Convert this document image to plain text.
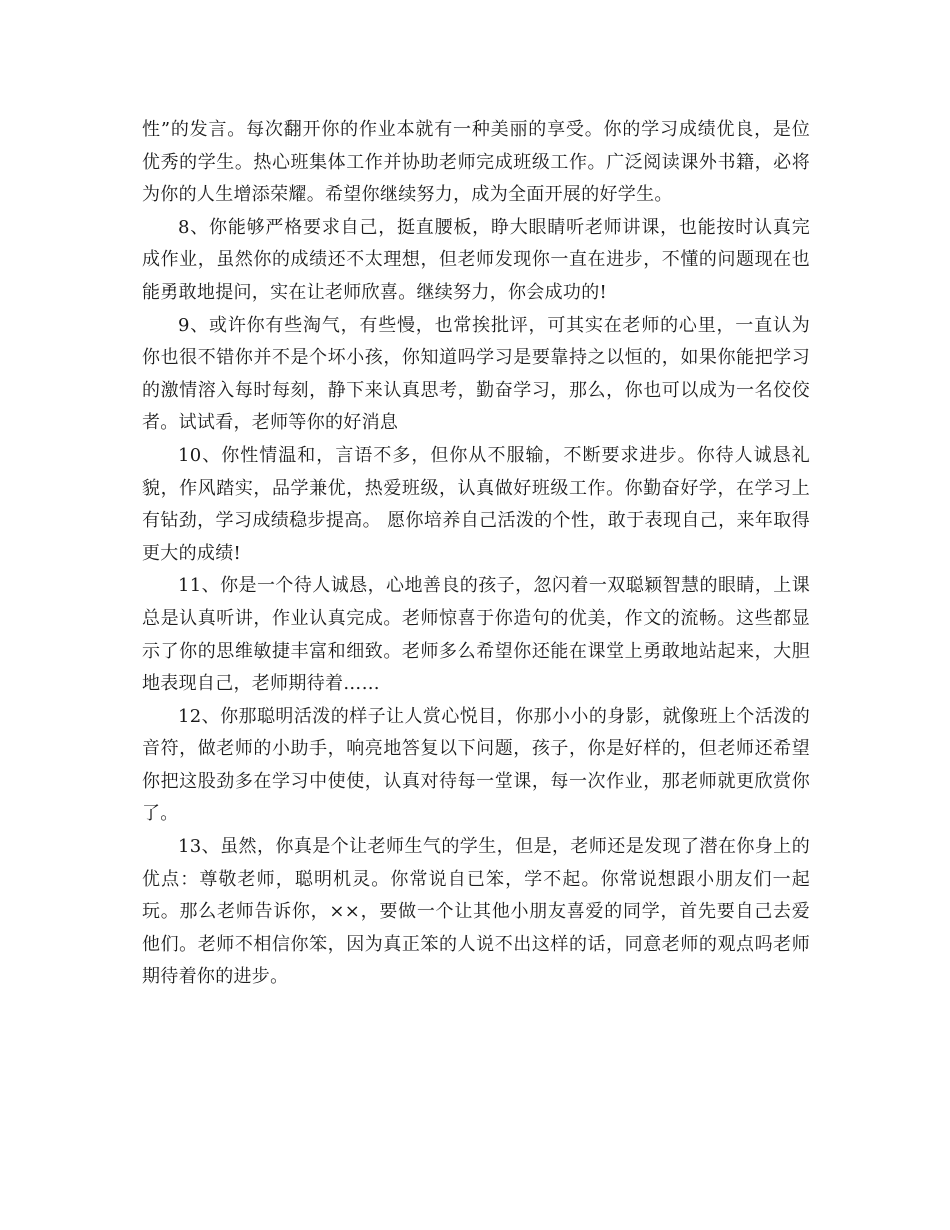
性”的发言。每次翻开你的作业本就有一种美丽的享受。你的学习成绩优良，是位优秀的学生。热心班集体工作并协助老师完成班级工作。广泛阅读课外书籍，必将为你的人生增添荣耀。希望你继续努力，成为全面开展的好学生。

8、你能够严格要求自己，挺直腰板，睁大眼睛听老师讲课，也能按时认真完成作业，虽然你的成绩还不太理想，但老师发现你一直在进步，不懂的问题现在也能勇敢地提问，实在让老师欣喜。继续努力，你会成功的!

9、或许你有些淘气，有些慢，也常挨批评，可其实在老师的心里，一直认为你也很不错你并不是个坏小孩，你知道吗学习是要靠持之以恒的，如果你能把学习的激情溶入每时每刻，静下来认真思考，勤奋学习，那么，你也可以成为一名佼佼者。试试看，老师等你的好消息

10、你性情温和，言语不多，但你从不服输，不断要求进步。你待人诚恳礼貌，作风踏实，品学兼优，热爱班级，认真做好班级工作。你勤奋好学，在学习上有钻劲，学习成绩稳步提高。 愿你培养自己活泼的个性，敢于表现自己，来年取得更大的成绩!

11、你是一个待人诚恳，心地善良的孩子，忽闪着一双聪颖智慧的眼睛，上课总是认真听讲，作业认真完成。老师惊喜于你造句的优美，作文的流畅。这些都显示了你的思维敏捷丰富和细致。老师多么希望你还能在课堂上勇敢地站起来，大胆地表现自己，老师期待着……

12、你那聪明活泼的样子让人赏心悦目，你那小小的身影，就像班上个活泼的音符，做老师的小助手，响亮地答复以下问题，孩子，你是好样的，但老师还希望你把这股劲多在学习中使使，认真对待每一堂课，每一次作业，那老师就更欣赏你了。

13、虽然，你真是个让老师生气的学生，但是，老师还是发现了潜在你身上的优点：尊敬老师，聪明机灵。你常说自已笨，学不起。你常说想跟小朋友们一起玩。那么老师告诉你，××，要做一个让其他小朋友喜爱的同学，首先要自己去爱他们。老师不相信你笨，因为真正笨的人说不出这样的话，同意老师的观点吗老师期待着你的进步。
